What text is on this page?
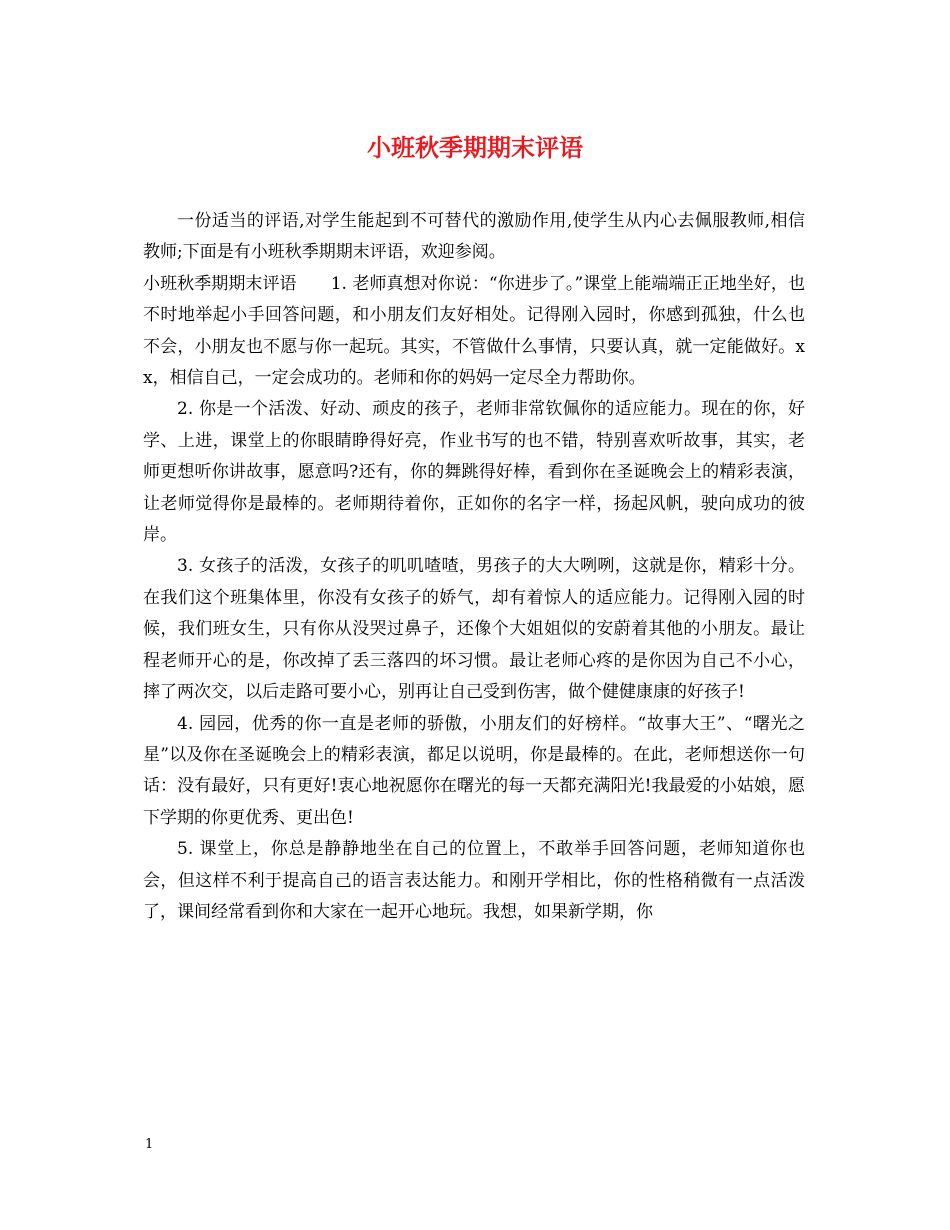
小班秋季期期末评语

一份适当的评语,对学生能起到不可替代的激励作用,使学生从内心去佩服教师,相信教师;下面是有小班秋季期期末评语，欢迎参阅。

小班秋季期期末评语　　1. 老师真想对你说：“你进步了。”课堂上能端端正正地坐好，也不时地举起小手回答问题，和小朋友们友好相处。记得刚入园时，你感到孤独，什么也不会，小朋友也不愿与你一起玩。其实，不管做什么事情，只要认真，就一定能做好。xx，相信自己，一定会成功的。老师和你的妈妈一定尽全力帮助你。

2. 你是一个活泼、好动、顽皮的孩子，老师非常钦佩你的适应能力。现在的你，好学、上进，课堂上的你眼睛睁得好亮，作业书写的也不错，特别喜欢听故事，其实，老师更想听你讲故事，愿意吗?还有，你的舞跳得好棒，看到你在圣诞晚会上的精彩表演，让老师觉得你是最棒的。老师期待着你，正如你的名字一样，扬起风帆，驶向成功的彼岸。

3. 女孩子的活泼，女孩子的叽叽喳喳，男孩子的大大咧咧，这就是你，精彩十分。在我们这个班集体里，你没有女孩子的娇气，却有着惊人的适应能力。记得刚入园的时候，我们班女生，只有你从没哭过鼻子，还像个大姐姐似的安蔚着其他的小朋友。最让程老师开心的是，你改掉了丢三落四的坏习惯。最让老师心疼的是你因为自己不小心，摔了两次交，以后走路可要小心，别再让自己受到伤害，做个健健康康的好孩子!

4. 园园，优秀的你一直是老师的骄傲，小朋友们的好榜样。“故事大王”、“曙光之星”以及你在圣诞晚会上的精彩表演，都足以说明，你是最棒的。在此，老师想送你一句话：没有最好，只有更好!衷心地祝愿你在曙光的每一天都充满阳光!我最爱的小姑娘，愿下学期的你更优秀、更出色!

5. 课堂上，你总是静静地坐在自己的位置上，不敢举手回答问题，老师知道你也会，但这样不利于提高自己的语言表达能力。和刚开学相比，你的性格稍微有一点活泼了，课间经常看到你和大家在一起开心地玩。我想，如果新学期，你

1
